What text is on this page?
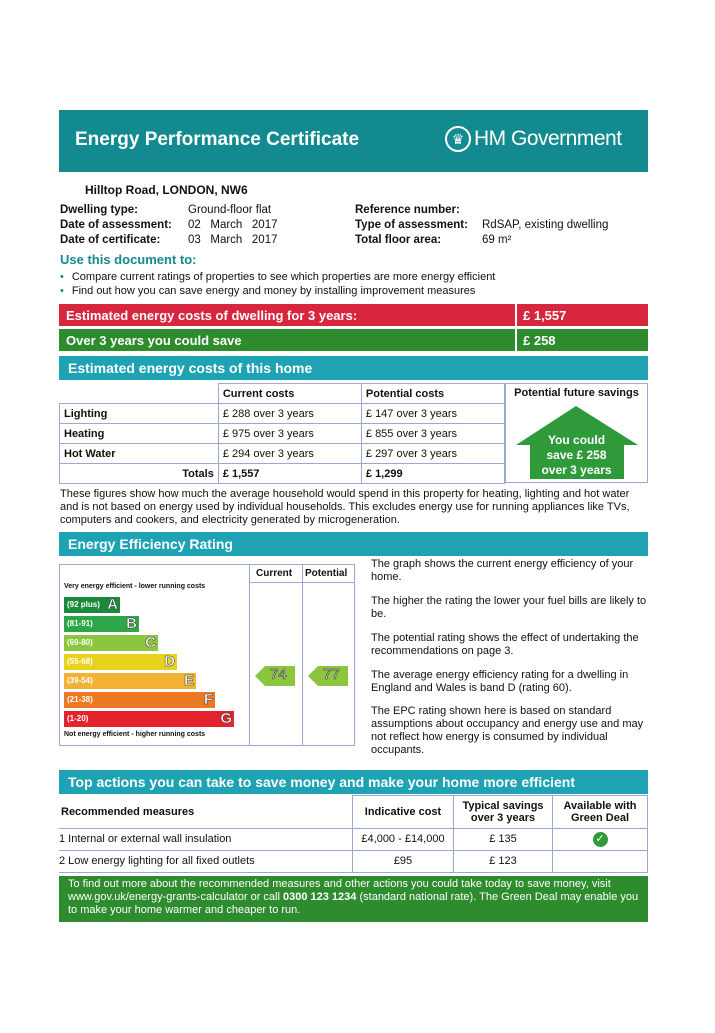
Energy Performance Certificate	♛ HM Government
Hilltop Road, LONDON, NW6
Dwelling type:	Ground-floor flat
Date of assessment: 02   March   2017
Date of certificate: 03   March   2017
Reference number:
Type of assessment: RdSAP, existing dwelling
Total floor area:	69 m²
Use this document to:
• Compare current ratings of properties to see which properties are more energy efficient
• Find out how you can save energy and money by installing improvement measures
Estimated energy costs of dwelling for 3 years:	£ 1,557
Over 3 years you could save	£ 258
Estimated energy costs of this home
	Current costs	Potential costs
Lighting	£ 288 over 3 years	£ 147 over 3 years
Heating	£ 975 over 3 years	£ 855 over 3 years
Hot Water	£ 294 over 3 years	£ 297 over 3 years
Totals	£ 1,557	£ 1,299
Potential future savings
You could
save £ 258
over 3 years
These figures show how much the average household would spend in this property for heating, lighting and hot water and is not based on energy used by individual households. This excludes energy use for running appliances like TVs, computers and cookers, and electricity generated by microgeneration.
Energy Efficiency Rating
Current Potential
Very energy efficient - lower running costs
Not energy efficient - higher running costs
(92 plus) A
(81-91) B
(69-80)	C
(55-68)	D
(39-54)	E
(21-38)	F
(1-20)	G
74	77
The graph shows the current energy efficiency of your home.
The higher the rating the lower your fuel bills are likely to be.
The potential rating shows the effect of undertaking the recommendations on page 3.
The average energy efficiency rating for a dwelling in England and Wales is band D (rating 60).
The EPC rating shown here is based on standard assumptions about occupancy and energy use and may not reflect how energy is consumed by individual occupants.
Top actions you can take to save money and make your home more efficient
Recommended measures	Indicative cost	Typical savings over 3 years	Available with Green Deal
1 Internal or external wall insulation	£4,000 - £14,000	£ 135	✓
2 Low energy lighting for all fixed outlets	£95	£ 123	
To find out more about the recommended measures and other actions you could take today to save money, visit www.gov.uk/energy-grants-calculator or call 0300 123 1234 (standard national rate). The Green Deal may enable you to make your home warmer and cheaper to run.
